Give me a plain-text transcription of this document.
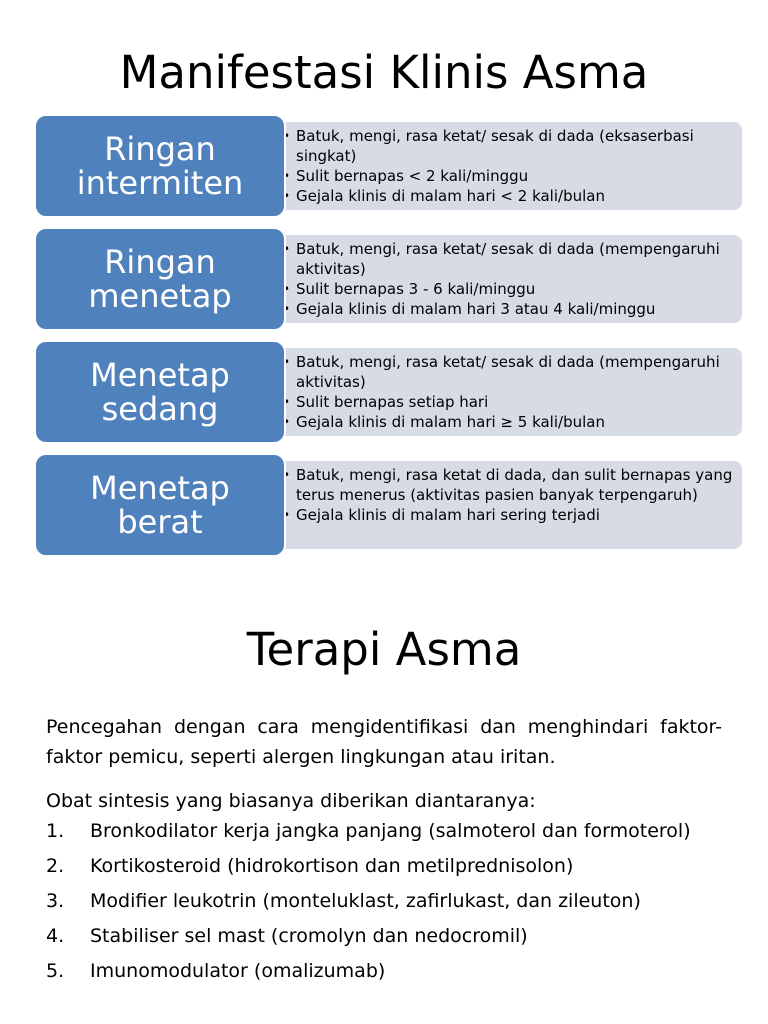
Manifestasi Klinis Asma
• Batuk, mengi, rasa ketat/ sesak di dada (eksaserbasi singkat)
• Sulit bernapas < 2 kali/minggu
• Gejala klinis di malam hari < 2 kali/bulan
Ringan intermiten
• Batuk, mengi, rasa ketat/ sesak di dada (mempengaruhi aktivitas)
• Sulit bernapas 3 - 6 kali/minggu
• Gejala klinis di malam hari 3 atau 4 kali/minggu
Ringan menetap
• Batuk, mengi, rasa ketat/ sesak di dada (mempengaruhi aktivitas)
• Sulit bernapas setiap hari
• Gejala klinis di malam hari ≥ 5 kali/bulan
Menetap sedang
• Batuk, mengi, rasa ketat di dada, dan sulit bernapas yang terus menerus (aktivitas pasien banyak terpengaruh)
• Gejala klinis di malam hari sering terjadi
Menetap berat
Terapi Asma

Pencegahan dengan cara mengidentifikasi dan menghindari faktor-faktor pemicu, seperti alergen lingkungan atau iritan.

Obat sintesis yang biasanya diberikan diantaranya:

1. Bronkodilator kerja jangka panjang (salmoterol dan formoterol)
2. Kortikosteroid (hidrokortison dan metilprednisolon)
3. Modifier leukotrin (monteluklast, zafirlukast, dan zileuton)
4. Stabiliser sel mast (cromolyn dan nedocromil)
5. Imunomodulator (omalizumab)
